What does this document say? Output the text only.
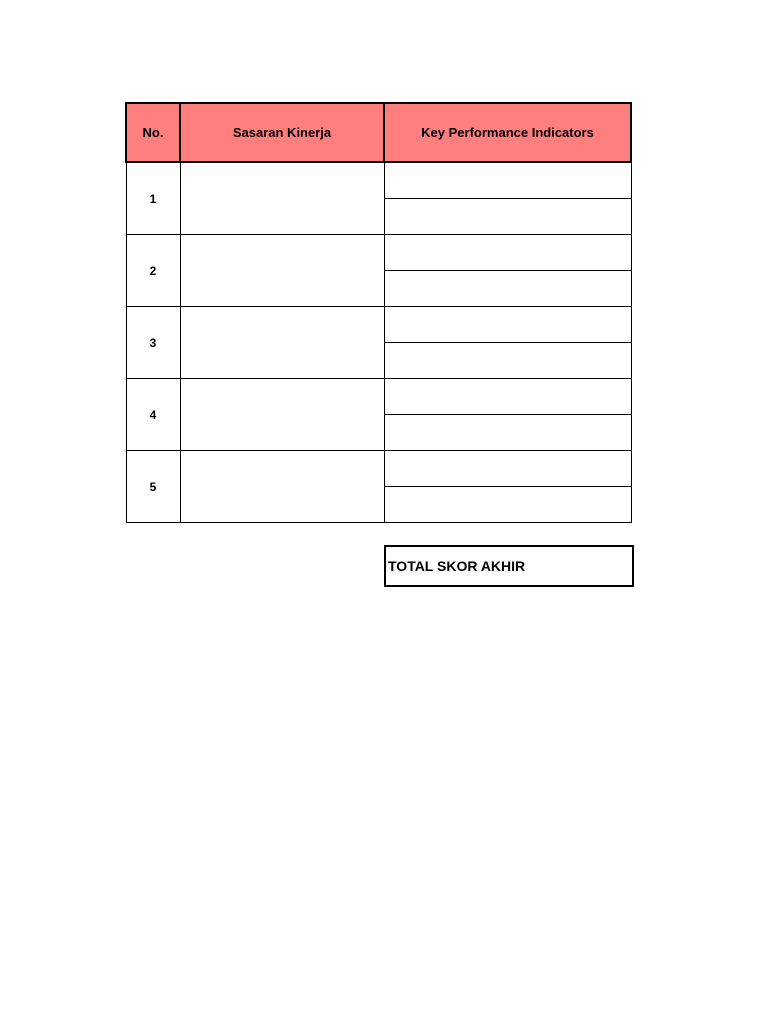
No.	Sasaran Kinerja	Key Performance Indicators
1		

2		

3		

4		

5		

TOTAL SKOR AKHIR
